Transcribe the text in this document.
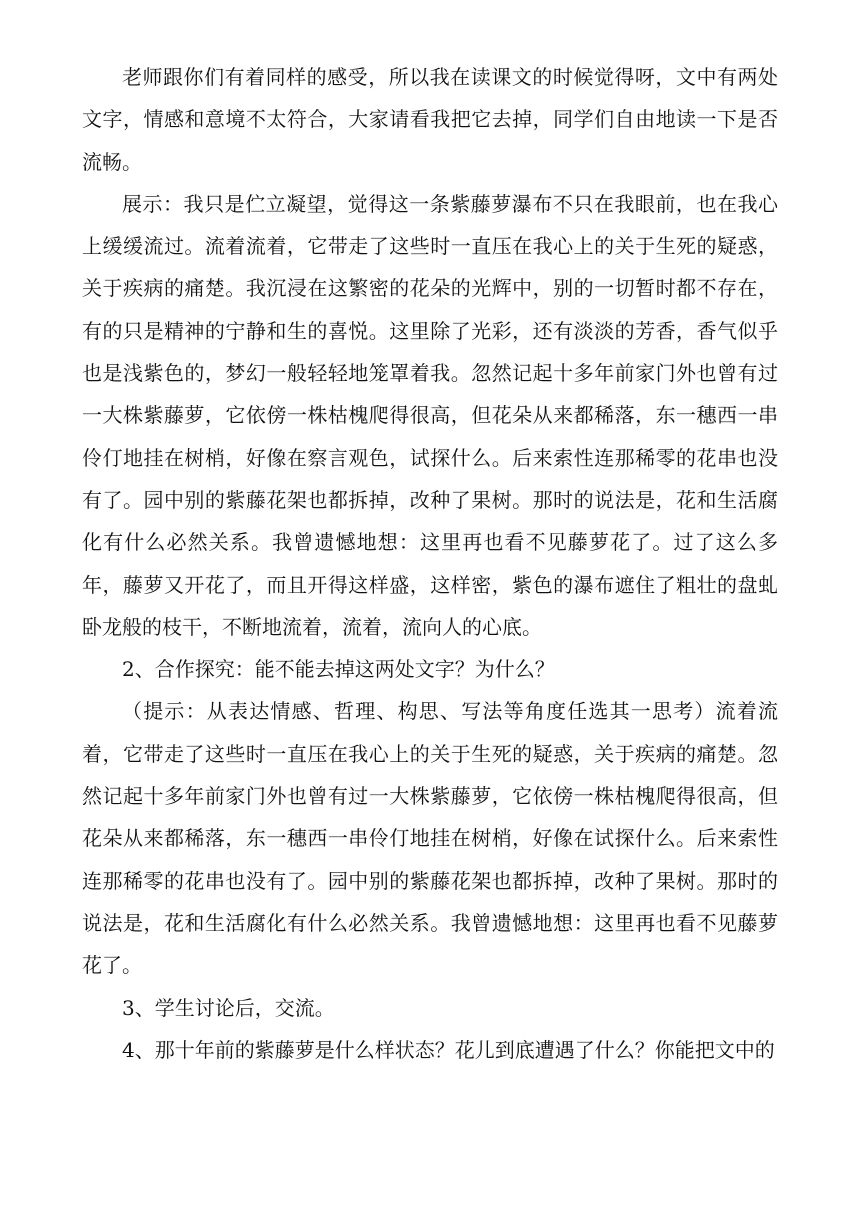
老师跟你们有着同样的感受，所以我在读课文的时候觉得呀，文中有两处文字，情感和意境不太符合，大家请看我把它去掉，同学们自由地读一下是否流畅。

展示：我只是伫立凝望，觉得这一条紫藤萝瀑布不只在我眼前，也在我心上缓缓流过。流着流着，它带走了这些时一直压在我心上的关于生死的疑惑，关于疾病的痛楚。我沉浸在这繁密的花朵的光辉中，别的一切暂时都不存在，有的只是精神的宁静和生的喜悦。这里除了光彩，还有淡淡的芳香，香气似乎也是浅紫色的，梦幻一般轻轻地笼罩着我。忽然记起十多年前家门外也曾有过一大株紫藤萝，它依傍一株枯槐爬得很高，但花朵从来都稀落，东一穗西一串伶仃地挂在树梢，好像在察言观色，试探什么。后来索性连那稀零的花串也没有了。园中别的紫藤花架也都拆掉，改种了果树。那时的说法是，花和生活腐化有什么必然关系。我曾遗憾地想：这里再也看不见藤萝花了。过了这么多年，藤萝又开花了，而且开得这样盛，这样密，紫色的瀑布遮住了粗壮的盘虬卧龙般的枝干，不断地流着，流着，流向人的心底。

2、合作探究：能不能去掉这两处文字？为什么？

（提示：从表达情感、哲理、构思、写法等角度任选其一思考）流着流着，它带走了这些时一直压在我心上的关于生死的疑惑，关于疾病的痛楚。忽然记起十多年前家门外也曾有过一大株紫藤萝，它依傍一株枯槐爬得很高，但花朵从来都稀落，东一穗西一串伶仃地挂在树梢，好像在试探什么。后来索性连那稀零的花串也没有了。园中别的紫藤花架也都拆掉，改种了果树。那时的说法是，花和生活腐化有什么必然关系。我曾遗憾地想：这里再也看不见藤萝花了。

3、学生讨论后，交流。

4、那十年前的紫藤萝是什么样状态？花儿到底遭遇了什么？你能把文中的
